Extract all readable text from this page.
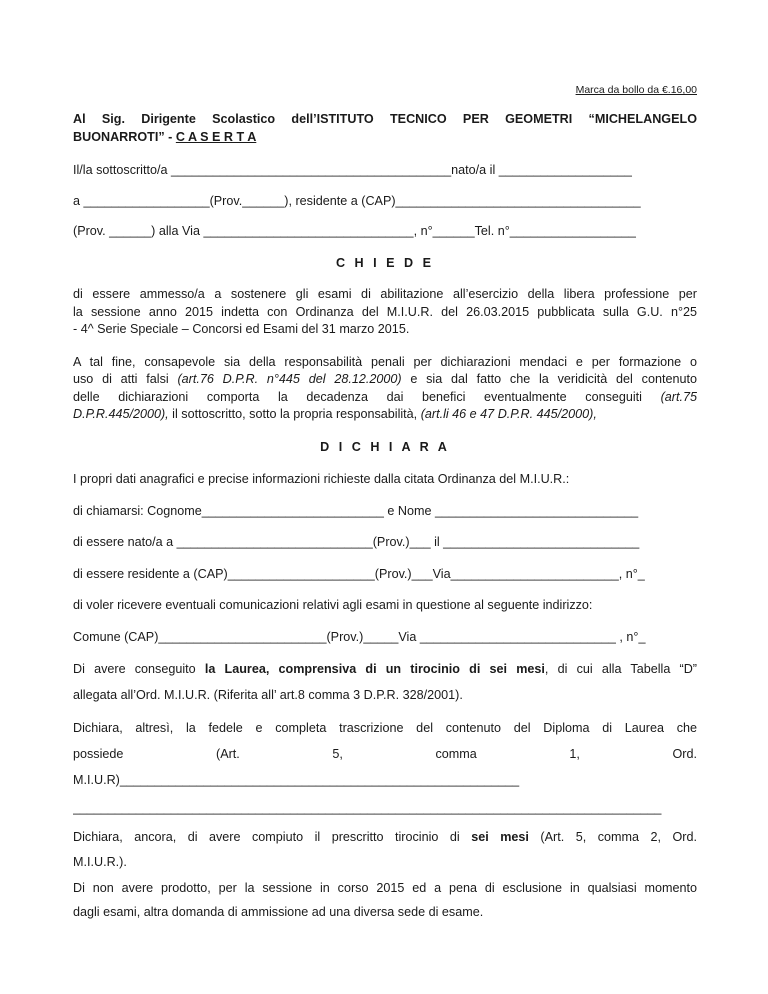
Marca da bollo da €.16,00
Al Sig. Dirigente Scolastico dell’ISTITUTO TECNICO PER GEOMETRI “MICHELANGELO
BUONARROTI” - C A S E R T A
Il/la sottoscritto/a ________________________________________nato/a il ___________________
a __________________(Prov.______), residente a (CAP)___________________________________
(Prov. ______) alla Via ______________________________, n°______Tel. n°__________________
C H I E D E
di essere ammesso/a a sostenere gli esami di abilitazione all’esercizio della libera professione per
la sessione anno 2015 indetta con Ordinanza del M.I.U.R. del 26.03.2015 pubblicata sulla G.U. n°25
- 4^ Serie Speciale – Concorsi ed Esami del 31 marzo 2015.
A tal fine, consapevole sia della responsabilità penali per dichiarazioni mendaci e per formazione o
uso di atti falsi (art.76 D.P.R. n°445 del 28.12.2000) e sia dal fatto che la veridicità del contenuto
delle dichiarazioni comporta la decadenza dai benefici eventualmente conseguiti (art.75
D.P.R.445/2000), il sottoscritto, sotto la propria responsabilità, (art.li 46 e 47 D.P.R. 445/2000),
D I C H I A R A
I propri dati anagrafici e precise informazioni richieste dalla citata Ordinanza del M.I.U.R.:
di chiamarsi: Cognome__________________________ e Nome _____________________________
di essere nato/a a ____________________________(Prov.)___ il ____________________________
di essere residente a (CAP)_____________________(Prov.)___Via________________________, n°_
di voler ricevere eventuali comunicazioni relativi agli esami in questione al seguente indirizzo:
Comune (CAP)________________________(Prov.)_____Via ____________________________ , n°_
Di avere conseguito la Laurea, comprensiva di un tirocinio di sei mesi, di cui alla Tabella “D”
allegata all’Ord. M.I.U.R. (Riferita all’ art.8 comma 3 D.P.R. 328/2001).
Dichiara, altresì, la fedele e completa trascrizione del contenuto del Diploma di Laurea che
possiede (Art. 5, comma 1, Ord.
M.I.U.R)_________________________________________________________
____________________________________________________________________________________
Dichiara, ancora, di avere compiuto il prescritto tirocinio di sei mesi (Art. 5, comma 2, Ord.
M.I.U.R.).
Di non avere prodotto, per la sessione in corso 2015 ed a pena di esclusione in qualsiasi momento
dagli esami, altra domanda di ammissione ad una diversa sede di esame.
